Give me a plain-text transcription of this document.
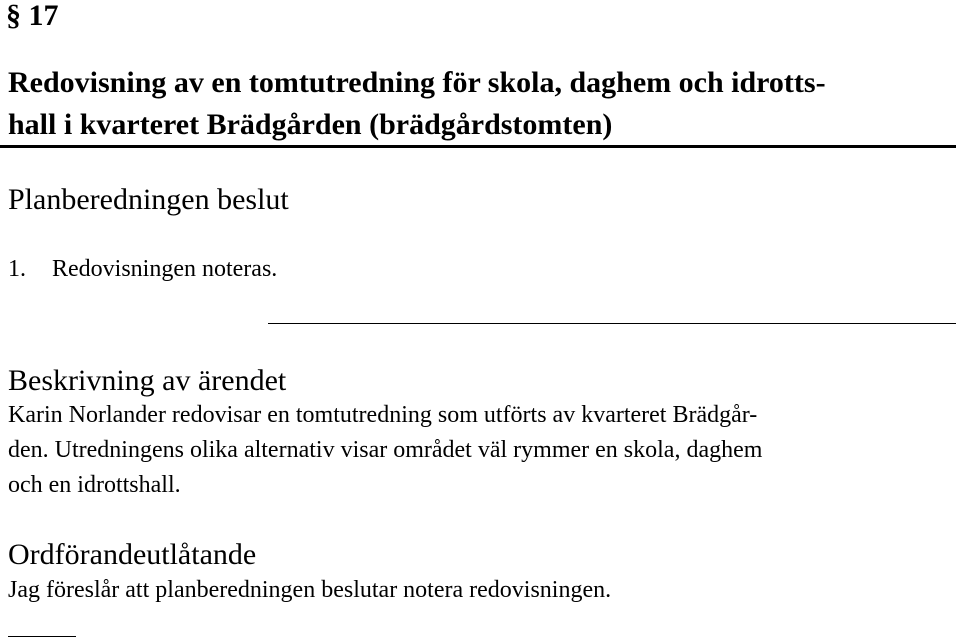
§ 17
Redovisning av en tomtutredning för skola, daghem och idrotts-
hall i kvarteret Brädgården (brädgårdstomten)
Planberedningen beslut
1. Redovisningen noteras.
Beskrivning av ärendet
Karin Norlander redovisar en tomtutredning som utförts av kvarteret Brädgår-
den. Utredningens olika alternativ visar området väl rymmer en skola, daghem
och en idrottshall.
Ordförandeutlåtande
Jag föreslår att planberedningen beslutar notera redovisningen.
